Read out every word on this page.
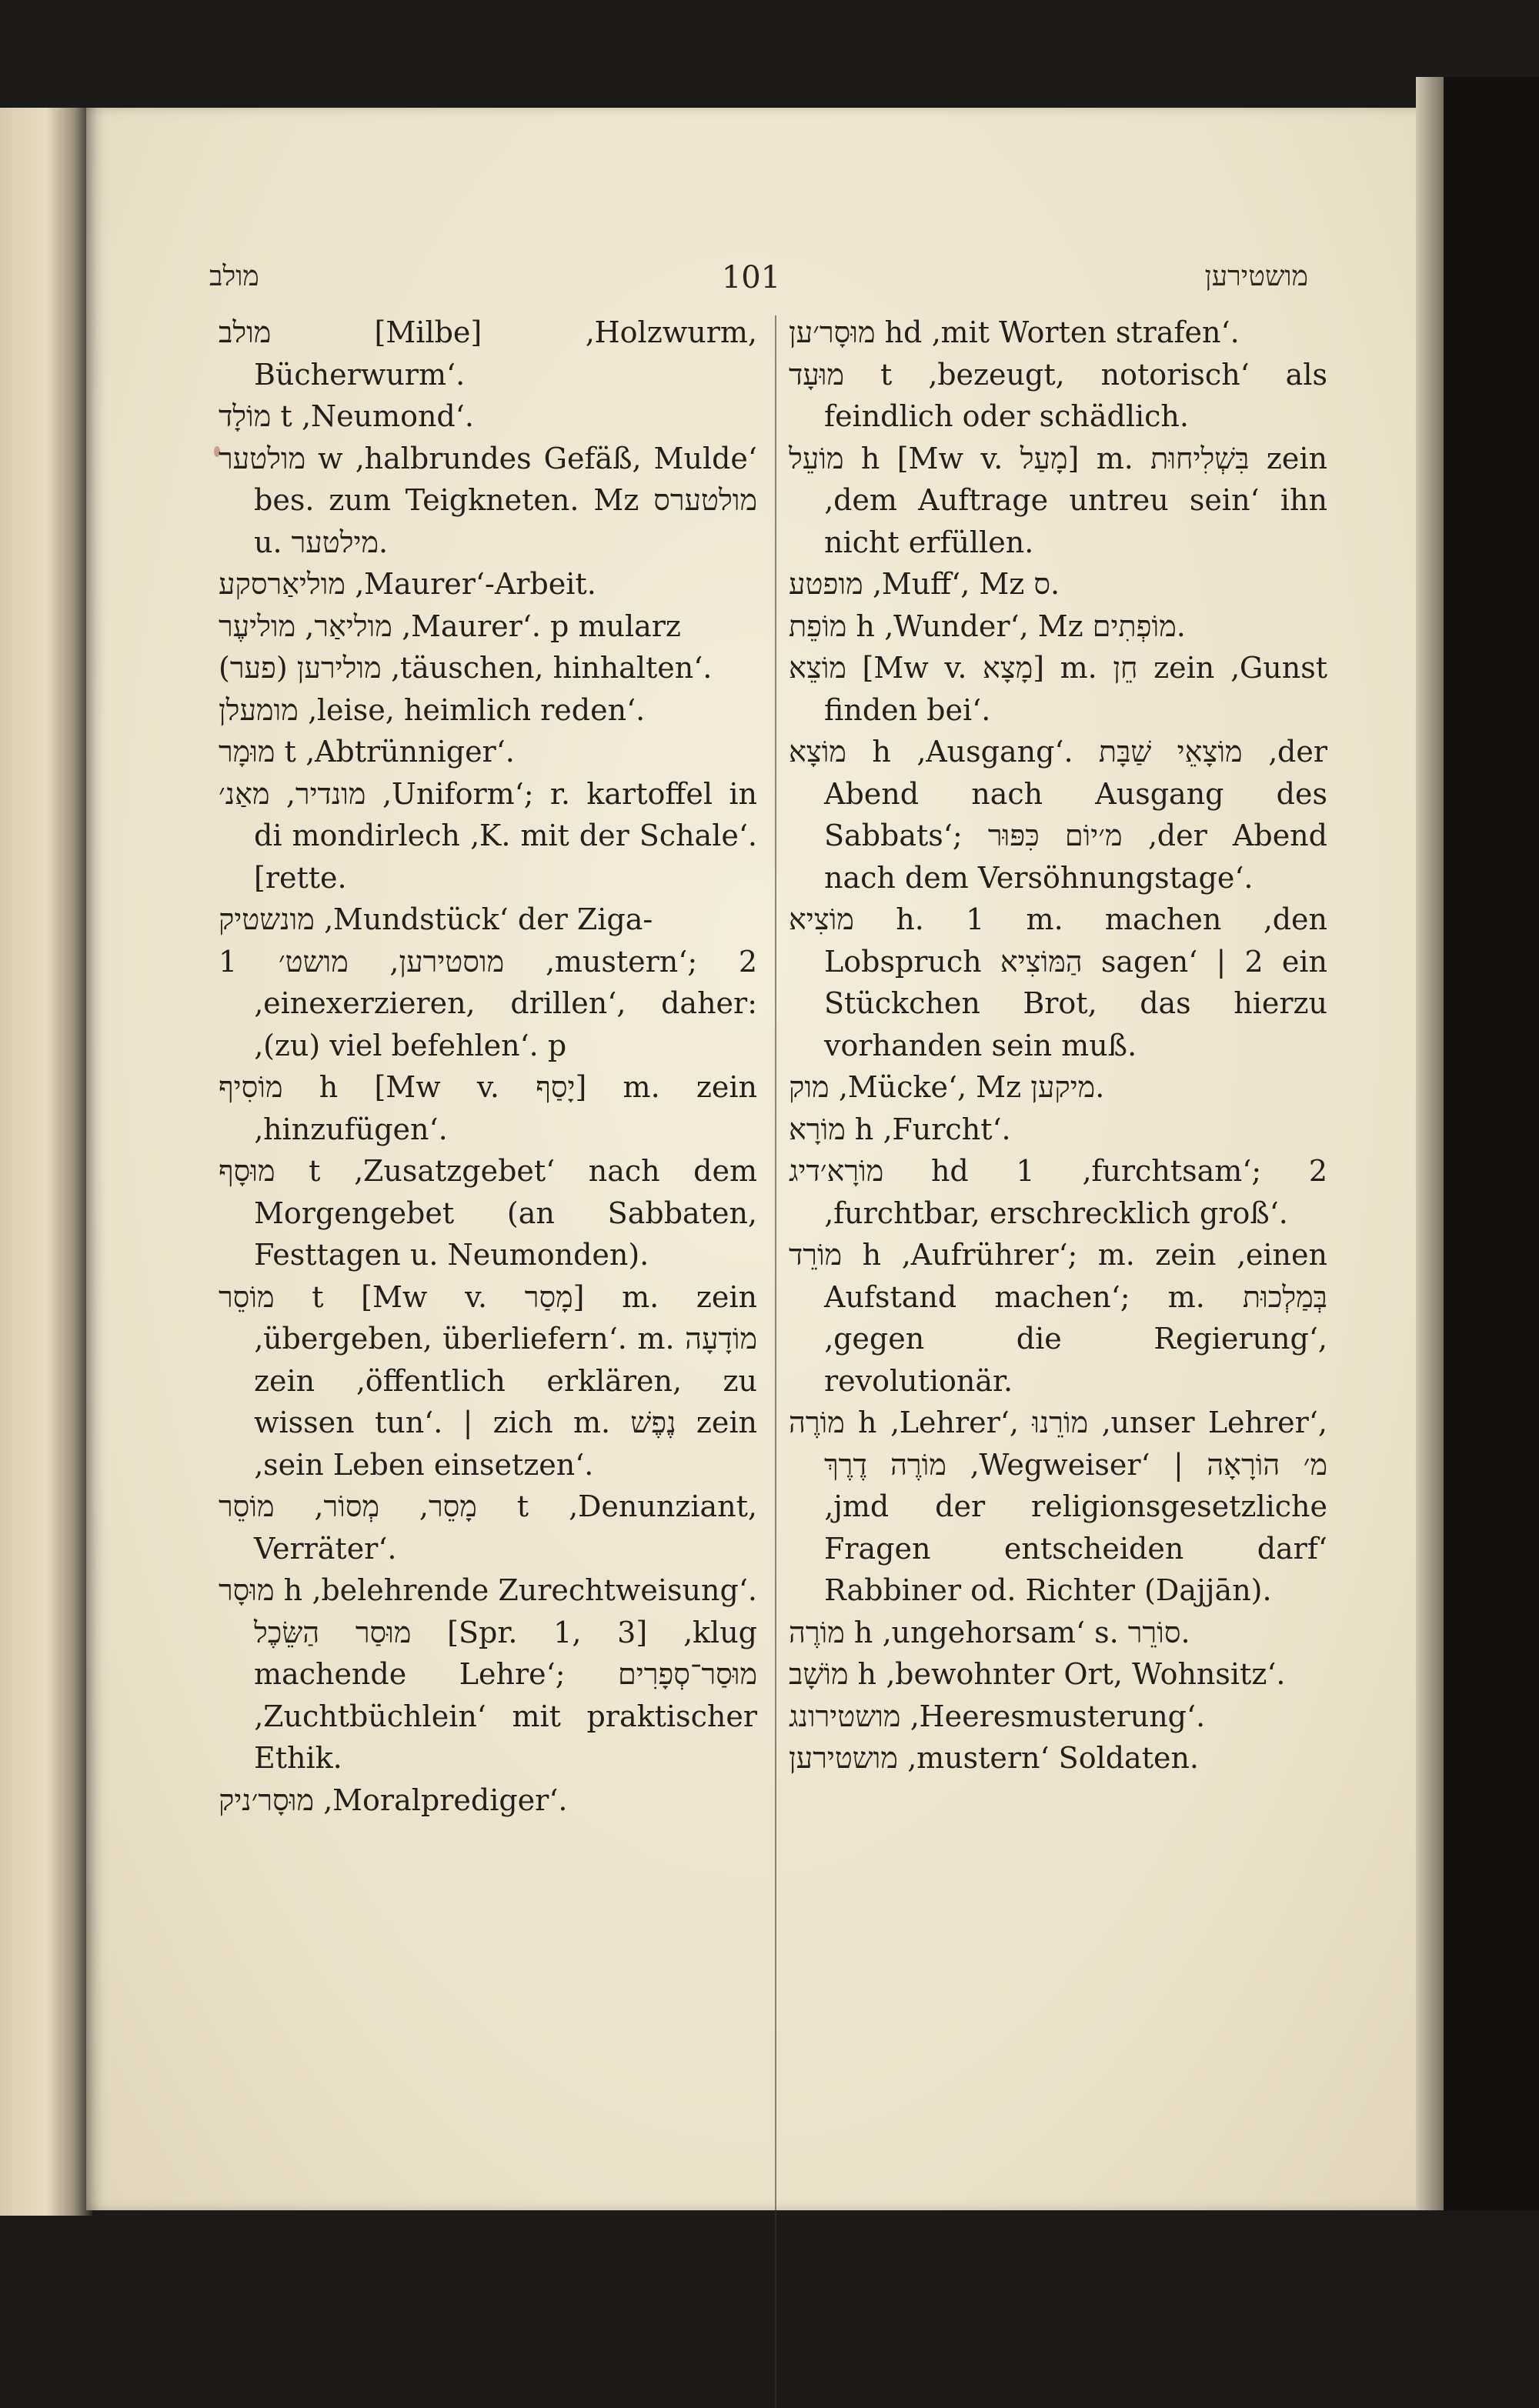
מולב	101	מושטירען

מולב [Milbe] ‚Holzwurm, Bücherwurm‘.

מוֹלָד t ‚Neumond‘.

מולטער w ‚halbrundes Gefäß, Mulde‘ bes. zum Teigkneten. Mz מולטערס u. מילטער.

מוליאַרסקע ‚Maurer‘-Arbeit.

מוליאַר, מוליעֶר ‚Maurer‘. p mularz

מולירען (פער) ‚täuschen, hinhalten‘.

מומעלן ‚leise, heimlich reden‘.

מוּמָר t ‚Abtrünniger‘.

מונדיר, מאַנ׳ ‚Uniform‘; r. kartoffel in di mondirlech ‚K. mit der Schale‘. [rette.

מונשטיק ‚Mundstück‘ der Ziga-

מוסטירען, מושט׳ 1 ‚mustern‘; 2 ‚einexerzieren, drillen‘, daher: ‚(zu) viel befehlen‘. p

מוֹסִיף h [Mw v. יָסַף] m. zein ‚hinzufügen‘.

מוּסָף t ‚Zusatzgebet‘ nach dem Morgengebet (an Sabbaten, Festtagen u. Neumonden).

מוֹסֵר t [Mw v. מָסַר] m. zein ‚übergeben, überliefern‘. m. מוֹדָעָה zein ‚öffentlich erklären, zu wissen tun‘. | zich m. נֶפֶשׁ zein ‚sein Leben einsetzen‘.

מָסֵר, מְסוֹר, מוֹסֵר t ‚Denunziant, Verräter‘.

מוּסָר h ‚belehrende Zurechtweisung‘. מוּסַר הַשֵּׂכֶל [Spr. 1, 3] ‚klug machende Lehre‘; מוּסַר־סְפָרִים ‚Zuchtbüchlein‘ mit praktischer Ethik.

מוּסָר׳ניק ‚Moralprediger‘.

מוּסָר׳ען hd ‚mit Worten strafen‘.

מוּעָד t ‚bezeugt, notorisch‘ als feindlich oder schädlich.

מוֹעֵל h [Mw v. מָעַל] m. בִּשְׁלִיחוּת zein ‚dem Auftrage untreu sein‘ ihn nicht erfüllen.

מופטע ‚Muff‘, Mz ס.

מוֹפֵת h ‚Wunder‘, Mz מוֹפְתִים.

מוֹצֵא [Mw v. מָצָא] m. חֵן zein ‚Gunst finden bei‘.

מוֹצָא h ‚Ausgang‘. מוֹצָאֵי שַׁבָּת ‚der Abend nach Ausgang des Sabbats‘; מ׳יוֹם כִּפּוּר ‚der Abend nach dem Versöhnungstage‘.

מוֹצִיא h. 1 m. machen ‚den Lobspruch הַמּוֹצִיא sagen‘ | 2 ein Stückchen Brot, das hierzu vorhanden sein muß.

מוק ‚Mücke‘, Mz מיקען.

מוֹרָא h ‚Furcht‘.

מוֹרָא׳דיג hd 1 ‚furchtsam‘; 2 ‚furchtbar, erschrecklich groß‘.

מוֹרֵד h ‚Aufrührer‘; m. zein ‚einen Aufstand machen‘; m. בְּמַלְכוּת ‚gegen die Regierung‘, revolutionär.

מוֹרֶה h ‚Lehrer‘, מוֹרֵנוּ ‚unser Lehrer‘, מוֹרֶה דֶרֶךְ ‚Wegweiser‘ | מ׳ הוֹרָאָה ‚jmd der religionsgesetzliche Fragen entscheiden darf‘ Rabbiner od. Richter (Dajjān).

מוֹרֶה h ‚ungehorsam‘ s. סוֹרֵר.

מוֹשָׁב h ‚bewohnter Ort, Wohnsitz‘.

מושטירונג ‚Heeresmusterung‘.

מושטירען ‚mustern‘ Soldaten.
